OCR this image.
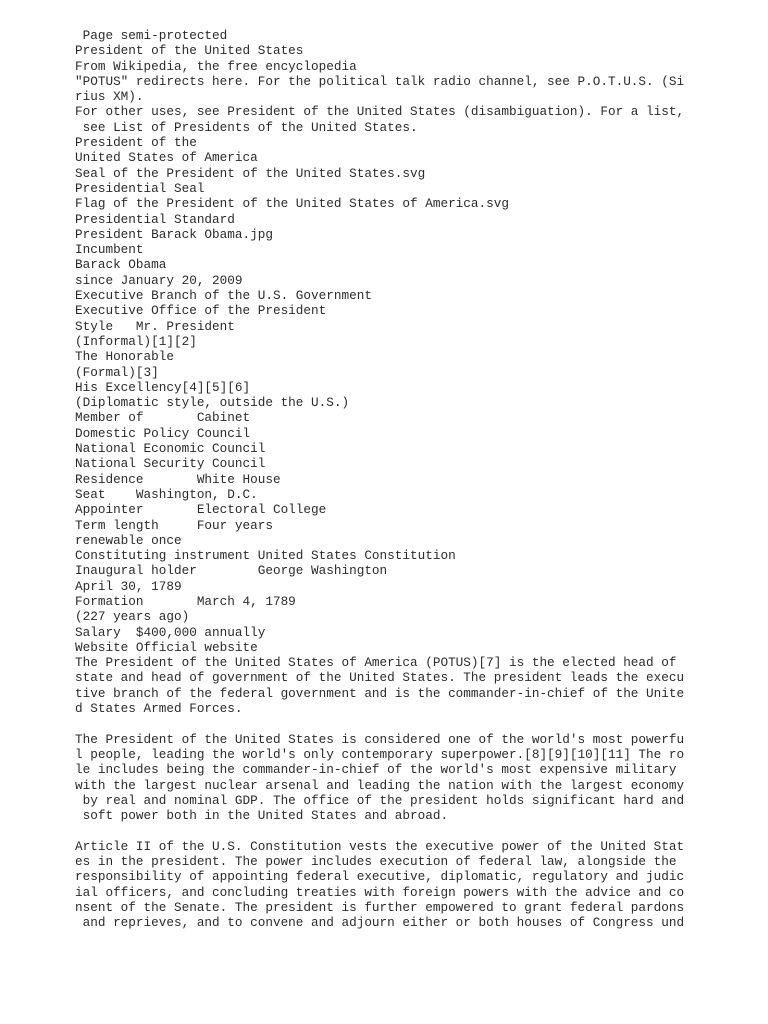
Page semi-protected
President of the United States
From Wikipedia, the free encyclopedia
"POTUS" redirects here. For the political talk radio channel, see P.O.T.U.S. (Si
rius XM).
For other uses, see President of the United States (disambiguation). For a list,
see List of Presidents of the United States.
President of the
United States of America
Seal of the President of the United States.svg
Presidential Seal
Flag of the President of the United States of America.svg
Presidential Standard
President Barack Obama.jpg
Incumbent
Barack Obama
since January 20, 2009
Executive Branch of the U.S. Government
Executive Office of the President
Style   Mr. President
(Informal)[1][2]
The Honorable
(Formal)[3]
His Excellency[4][5][6]
(Diplomatic style, outside the U.S.)
Member of       Cabinet
Domestic Policy Council
National Economic Council
National Security Council
Residence       White House
Seat    Washington, D.C.
Appointer       Electoral College
Term length     Four years
renewable once
Constituting instrument United States Constitution
Inaugural holder        George Washington
April 30, 1789
Formation       March 4, 1789
(227 years ago)
Salary  $400,000 annually
Website Official website
The President of the United States of America (POTUS)[7] is the elected head of
state and head of government of the United States. The president leads the execu
tive branch of the federal government and is the commander-in-chief of the Unite
d States Armed Forces.
The President of the United States is considered one of the world's most powerfu
l people, leading the world's only contemporary superpower.[8][9][10][11] The ro
le includes being the commander-in-chief of the world's most expensive military
with the largest nuclear arsenal and leading the nation with the largest economy
by real and nominal GDP. The office of the president holds significant hard and
soft power both in the United States and abroad.
Article II of the U.S. Constitution vests the executive power of the United Stat
es in the president. The power includes execution of federal law, alongside the
responsibility of appointing federal executive, diplomatic, regulatory and judic
ial officers, and concluding treaties with foreign powers with the advice and co
nsent of the Senate. The president is further empowered to grant federal pardons
and reprieves, and to convene and adjourn either or both houses of Congress und
